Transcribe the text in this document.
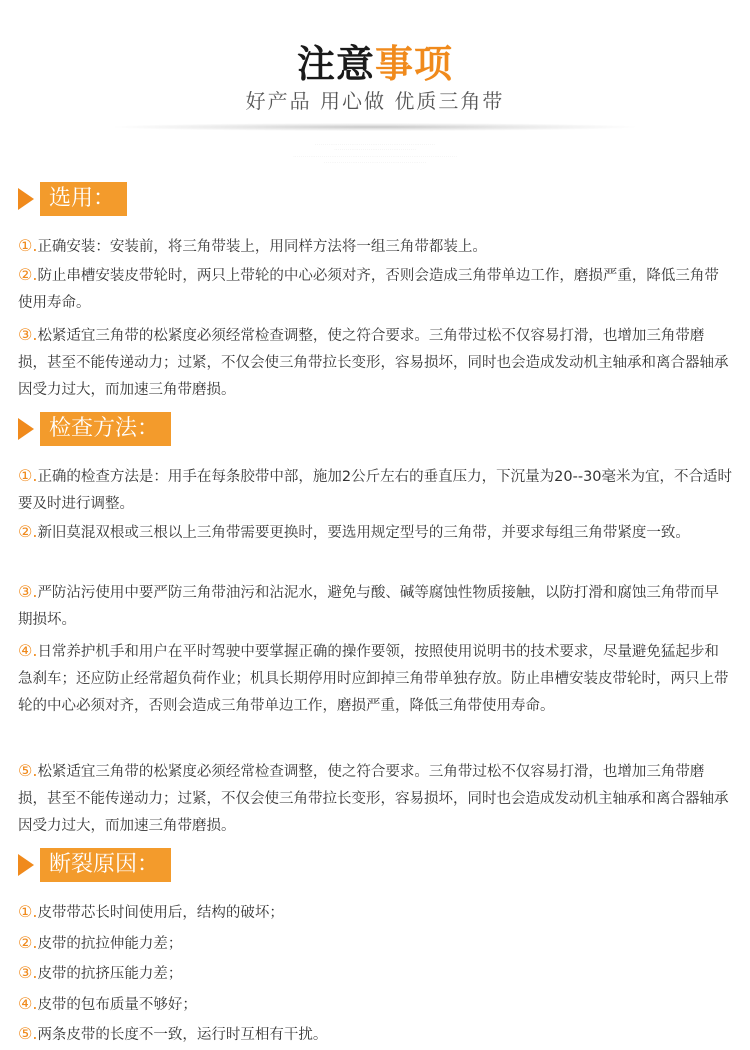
注意事项
好产品 用心做 优质三角带
· · · · · · · · · · · · · · · · · · · · · · · · · · · · · · · · · · · · · · · · · · · · · · · · · · · · · · · · · · · · · · ·
· · · · · · · · · · · · · · · · · · · · · · · · · · · · · · · · · · · · · · · · · · ·
· · · · · · · · · · · · · · · · · · · · · · · · · · · · · · · · · · · · · · · · · · · · · · · · · · · · · · · · · · · · · · · · · · · · · · · · · · · · · · · · · · · · · ·
· · · · · · · · · · · · · · · · · · · · · · · · · · · · · · · · · · · · · · · · · · · · · · · · · · · · · ·
选用：
①.正确安装：安装前，将三角带装上，用同样方法将一组三角带都装上。
②.防止串槽安装皮带轮时，两只上带轮的中心必须对齐，否则会造成三角带单边工作，磨损严重，降低三角带使用寿命。
③.松紧适宜三角带的松紧度必须经常检查调整，使之符合要求。三角带过松不仅容易打滑，也增加三角带磨损，甚至不能传递动力；过紧，不仅会使三角带拉长变形，容易损坏，同时也会造成发动机主轴承和离合器轴承因受力过大，而加速三角带磨损。
检查方法：
①.正确的检查方法是：用手在每条胶带中部，施加2公斤左右的垂直压力，下沉量为20--30毫米为宜，不合适时要及时进行调整。
②.新旧莫混双根或三根以上三角带需要更换时，要选用规定型号的三角带，并要求每组三角带紧度一致。
③.严防沾污使用中要严防三角带油污和沾泥水，避免与酸、碱等腐蚀性物质接触，以防打滑和腐蚀三角带而早期损坏。
④.日常养护机手和用户在平时驾驶中要掌握正确的操作要领，按照使用说明书的技术要求，尽量避免猛起步和急刹车；还应防止经常超负荷作业；机具长期停用时应卸掉三角带单独存放。防止串槽安装皮带轮时，两只上带轮的中心必须对齐，否则会造成三角带单边工作，磨损严重，降低三角带使用寿命。
⑤.松紧适宜三角带的松紧度必须经常检查调整，使之符合要求。三角带过松不仅容易打滑，也增加三角带磨损，甚至不能传递动力；过紧，不仅会使三角带拉长变形，容易损坏，同时也会造成发动机主轴承和离合器轴承因受力过大，而加速三角带磨损。
断裂原因：
①.皮带带芯长时间使用后，结构的破坏；
②.皮带的抗拉伸能力差；
③.皮带的抗挤压能力差；
④.皮带的包布质量不够好；
⑤.两条皮带的长度不一致，运行时互相有干扰。
